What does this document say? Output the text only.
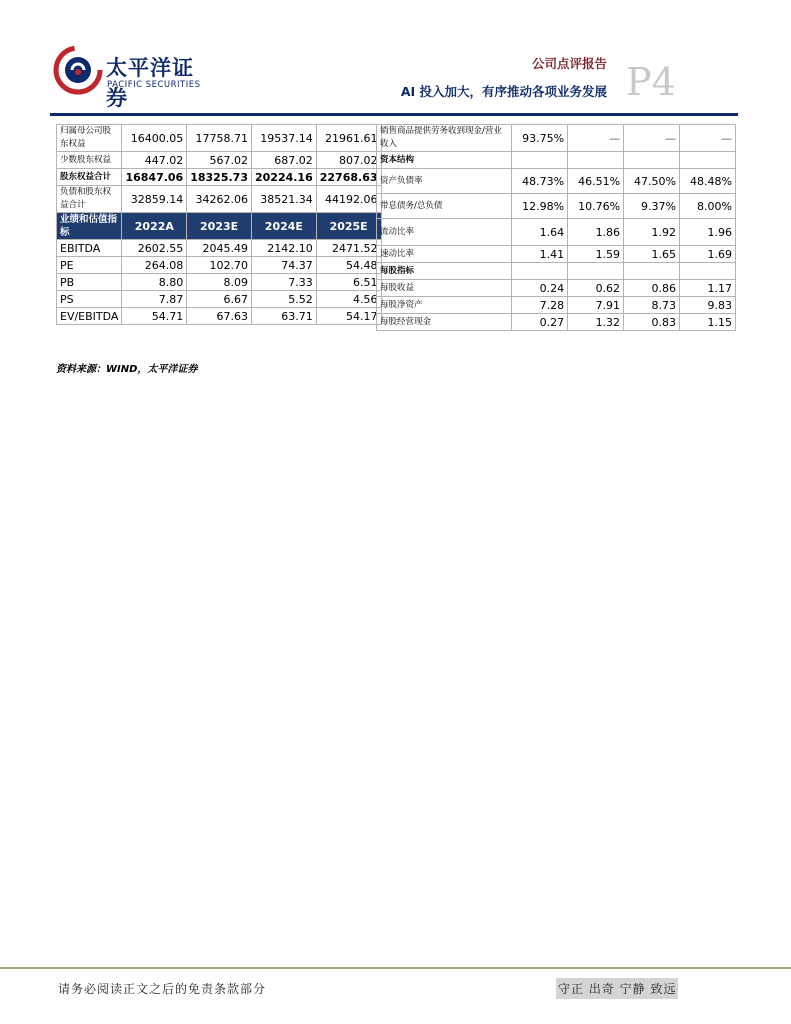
太平洋证券
PACIFIC SECURITIES
公司点评报告
AI 投入加大，有序推动各项业务发展 P4
归属母公司股东权益	16400.05	17758.71	19537.14	21961.61
少数股东权益	447.02	567.02	687.02	807.02
股东权益合计	16847.06	18325.73	20224.16	22768.63
负债和股东权益合计	32859.14	34262.06	38521.34	44192.06
业绩和估值指标	2022A	2023E	2024E	2025E
EBITDA	2602.55	2045.49	2142.10	2471.52
PE	264.08	102.70	74.37	54.48
PB	8.80	8.09	7.33	6.51
PS	7.87	6.67	5.52	4.56
EV/EBITDA	54.71	67.63	63.71	54.17
销售商品提供劳务收到现金/营业收入	93.75%	—	—	—
资本结构				
资产负债率	48.73%	46.51%	47.50%	48.48%
带息债务/总负债	12.98%	10.76%	9.37%	8.00%
流动比率	1.64	1.86	1.92	1.96
速动比率	1.41	1.59	1.65	1.69
每股指标				
每股收益	0.24	0.62	0.86	1.17
每股净资产	7.28	7.91	8.73	9.83
每股经营现金	0.27	1.32	0.83	1.15
资料来源：WIND，太平洋证券
请务必阅读正文之后的免责条款部分	守正 出奇 宁静 致远
